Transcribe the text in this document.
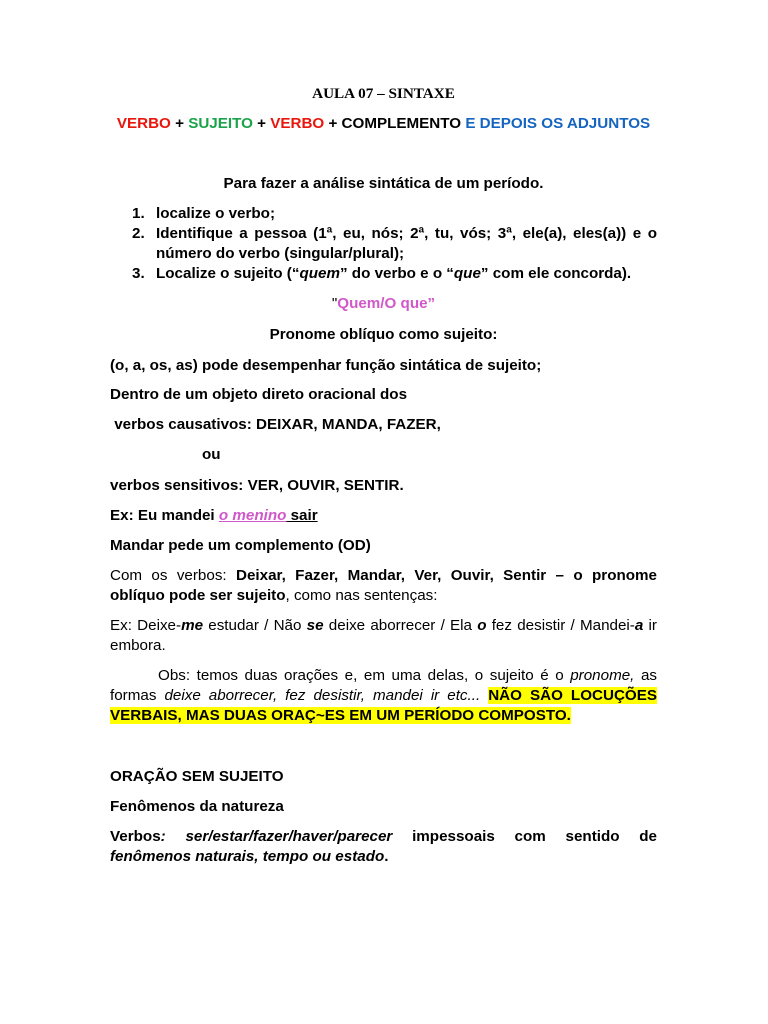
AULA 07 – SINTAXE

VERBO + SUJEITO + VERBO + COMPLEMENTO E DEPOIS OS ADJUNTOS

Para fazer a análise sintática de um período.

1. localize o verbo;
2. Identifique a pessoa (1ª, eu, nós; 2ª, tu, vós; 3ª, ele(a), eles(a)) e o
número do verbo (singular/plural);
3. Localize o sujeito (“quem” do verbo e o “que” com ele concorda).

"Quem/O que”

Pronome oblíquo como sujeito:

(o, a, os, as) pode desempenhar função sintática de sujeito;

Dentro de um objeto direto oracional dos

verbos causativos: DEIXAR, MANDA, FAZER,

ou

verbos sensitivos: VER, OUVIR, SENTIR.

Ex: Eu mandei o menino sair

Mandar pede um complemento (OD)

Com os verbos: Deixar, Fazer, Mandar, Ver, Ouvir, Sentir – o pronome
oblíquo pode ser sujeito, como nas sentenças:
Ex: Deixe-me estudar / Não se deixe aborrecer / Ela o fez desistir / Mandei-a ir
embora.
Obs: temos duas orações e, em uma delas, o sujeito é o pronome, as
formas deixe aborrecer, fez desistir, mandei ir etc... NÃO SÃO LOCUÇÕES
VERBAIS, MAS DUAS ORAÇ~ES EM UM PERÍODO COMPOSTO.

ORAÇÃO SEM SUJEITO

Fenômenos da natureza

Verbos: ser/estar/fazer/haver/parecer impessoais com sentido de
fenômenos naturais, tempo ou estado.
